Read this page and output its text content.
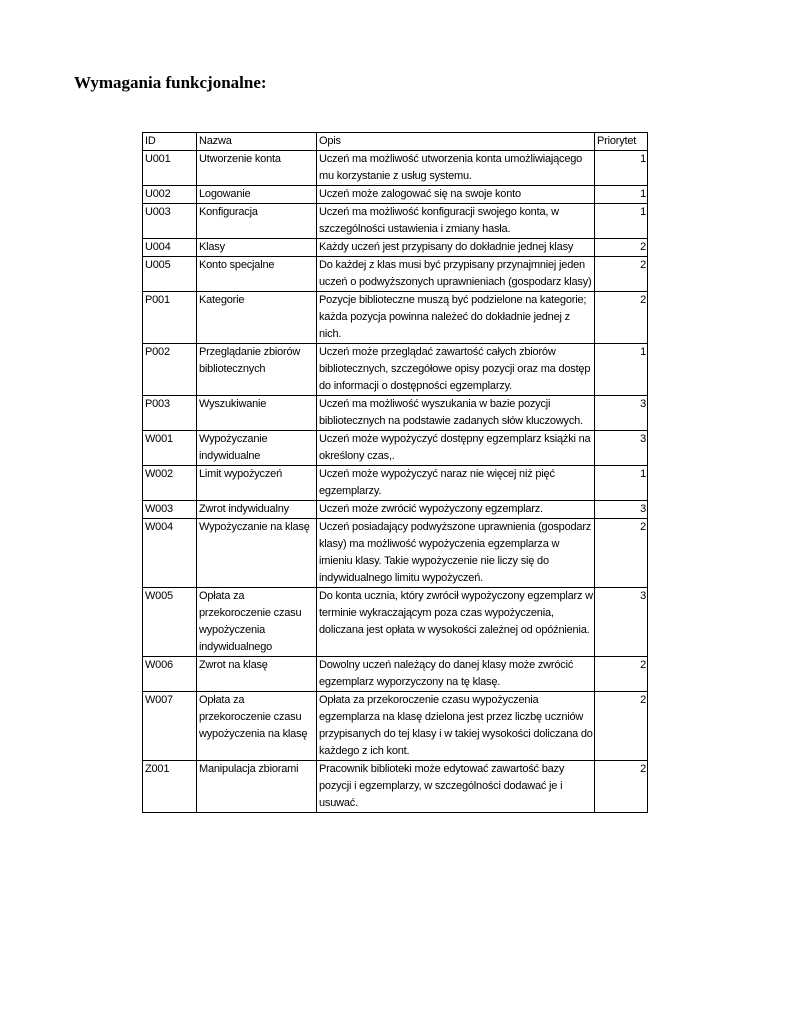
Wymagania funkcjonalne:
ID	Nazwa	Opis	Priorytet
U001	Utworzenie konta	Uczeń ma możliwość utworzenia konta umożliwiającego mu korzystanie z usług systemu.	1
U002	Logowanie	Uczeń może zalogować się na swoje konto	1
U003	Konfiguracja	Uczeń ma możliwość konfiguracji swojego konta, w szczególności ustawienia i zmiany hasła.	1
U004	Klasy	Każdy uczeń jest przypisany do dokładnie jednej klasy	2
U005	Konto specjalne	Do każdej z klas musi być przypisany przynajmniej jeden uczeń o podwyższonych uprawnieniach (gospodarz klasy)	2
P001	Kategorie	Pozycje biblioteczne muszą być podzielone na kategorie; każda pozycja powinna należeć do dokładnie jednej z nich.	2
P002	Przeglądanie zbiorów bibliotecznych	Uczeń może przeglądać zawartość całych zbiorów bibliotecznych, szczegółowe opisy pozycji oraz ma dostęp do informacji o dostępności egzemplarzy.	1
P003	Wyszukiwanie	Uczeń ma możliwość wyszukania w bazie pozycji bibliotecznych na podstawie zadanych słów kluczowych.	3
W001	Wypożyczanie indywidualne	Uczeń może wypożyczyć dostępny egzemplarz książki na określony czas,.	3
W002	Limit wypożyczeń	Uczeń może wypożyczyć naraz nie więcej niż pięć egzemplarzy.	1
W003	Zwrot indywidualny	Uczeń może zwrócić wypożyczony egzemplarz.	3
W004	Wypożyczanie na klasę	Uczeń posiadający podwyższone uprawnienia (gospodarz klasy) ma możliwość wypożyczenia egzemplarza w imieniu klasy. Takie wypożyczenie nie liczy się do indywidualnego limitu wypożyczeń.	2
W005	Opłata za przekoroczenie czasu wypożyczenia indywidualnego	Do konta ucznia, który zwrócił wypożyczony egzemplarz w terminie wykraczającym poza czas wypożyczenia, doliczana jest opłata w wysokości zależnej od opóźnienia.	3
W006	Zwrot na klasę	Dowolny uczeń należący do danej klasy może zwrócić egzemplarz wyporzyczony na tę klasę.	2
W007	Opłata za przekoroczenie czasu wypożyczenia na klasę	Opłata za przekoroczenie czasu wypożyczenia egzemplarza na klasę dzielona jest przez liczbę uczniów przypisanych do tej klasy i w takiej wysokości doliczana do każdego z ich kont.	2
Z001	Manipulacja zbiorami	Pracownik biblioteki może edytować zawartość bazy pozycji i egzemplarzy, w szczególności dodawać je i usuwać.	2
